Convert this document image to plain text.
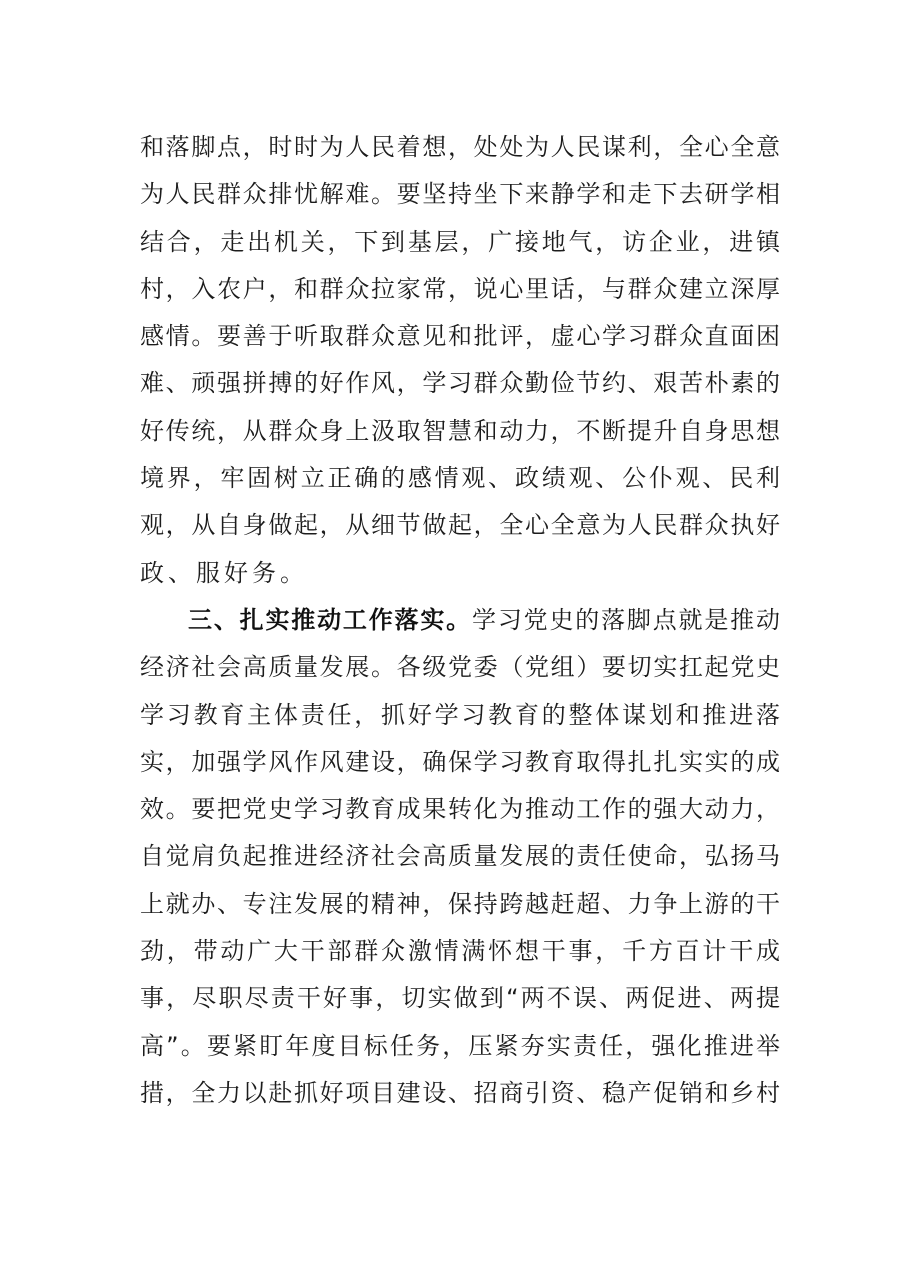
和落脚点，时时为人民着想，处处为人民谋利，全心全意
为人民群众排忧解难。要坚持坐下来静学和走下去研学相
结合，走出机关，下到基层，广接地气，访企业，进镇
村，入农户，和群众拉家常，说心里话，与群众建立深厚
感情。要善于听取群众意见和批评，虚心学习群众直面困
难、顽强拼搏的好作风，学习群众勤俭节约、艰苦朴素的
好传统，从群众身上汲取智慧和动力，不断提升自身思想
境界，牢固树立正确的感情观、政绩观、公仆观、民利
观，从自身做起，从细节做起，全心全意为人民群众执好
政、服好务。
三、扎实推动工作落实。学习党史的落脚点就是推动
经济社会高质量发展。各级党委（党组）要切实扛起党史
学习教育主体责任，抓好学习教育的整体谋划和推进落
实，加强学风作风建设，确保学习教育取得扎扎实实的成
效。要把党史学习教育成果转化为推动工作的强大动力，
自觉肩负起推进经济社会高质量发展的责任使命，弘扬马
上就办、专注发展的精神，保持跨越赶超、力争上游的干
劲，带动广大干部群众激情满怀想干事，千方百计干成
事，尽职尽责干好事，切实做到“两不误、两促进、两提
高”。要紧盯年度目标任务，压紧夯实责任，强化推进举
措，全力以赴抓好项目建设、招商引资、稳产促销和乡村
